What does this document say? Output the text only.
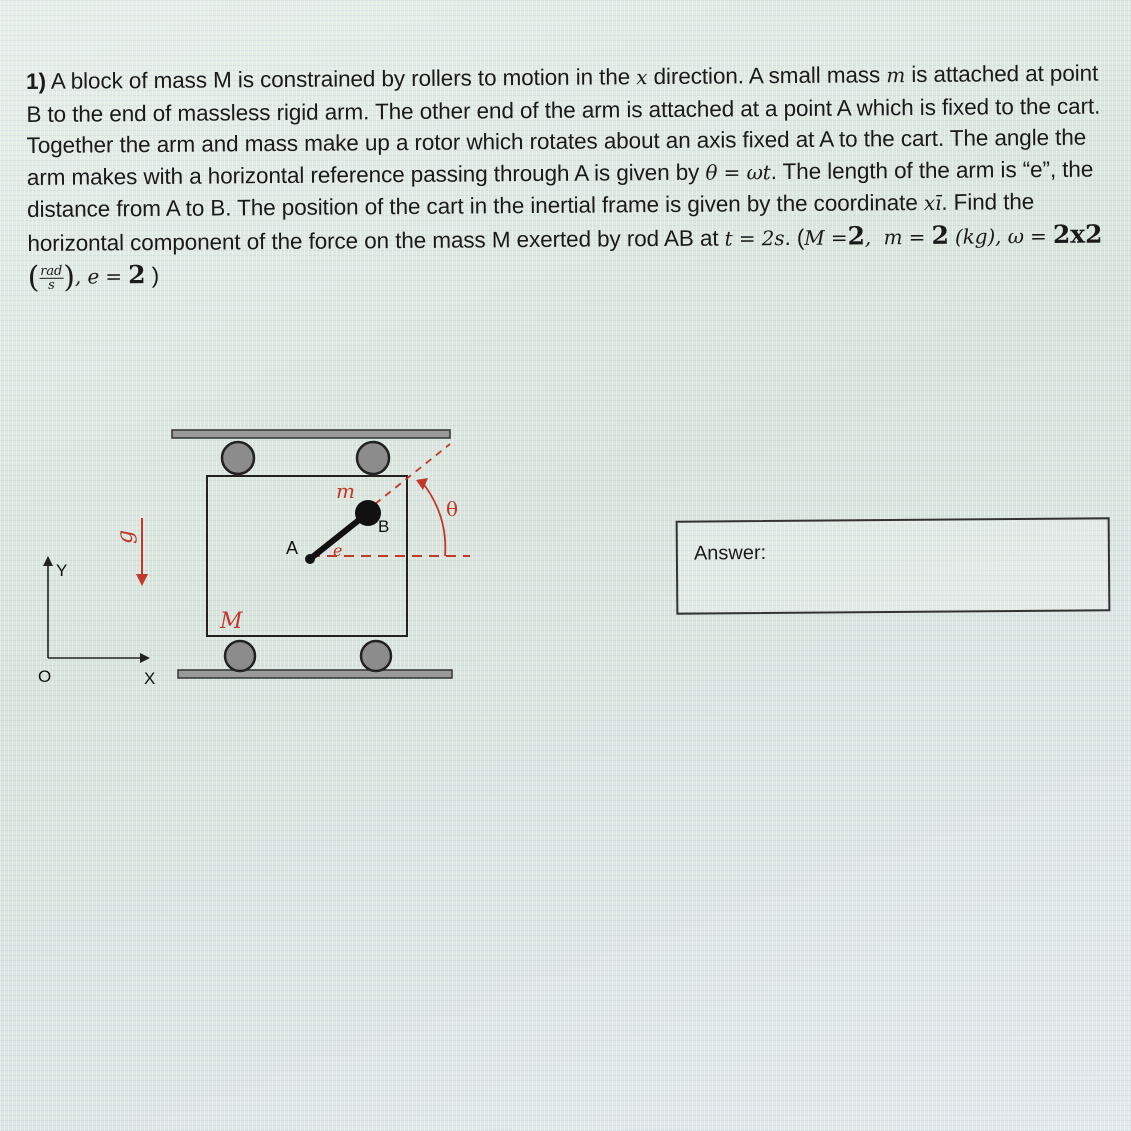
1) A block of mass M is constrained by rollers to motion in the x direction. A small mass m is attached at point B to the end of massless rigid arm. The other end of the arm is attached at a point A which is fixed to the cart. Together the arm and mass make up a rotor which rotates about an axis fixed at A to the cart. The angle the arm makes with a horizontal reference passing through A is given by θ = ωt. The length of the arm is “e”, the distance from A to B. The position of the cart in the inertial frame is given by the coordinate xī. Find the horizontal component of the force on the mass M exerted by rod AB at t = 2s. (M =2,  m = 2 (kg), ω = 2x2 ( $\frac{\text{rad}}{s}$ ), e = 2 )

m
B
A e
θ
g
M
Y
X
O
Answer:
